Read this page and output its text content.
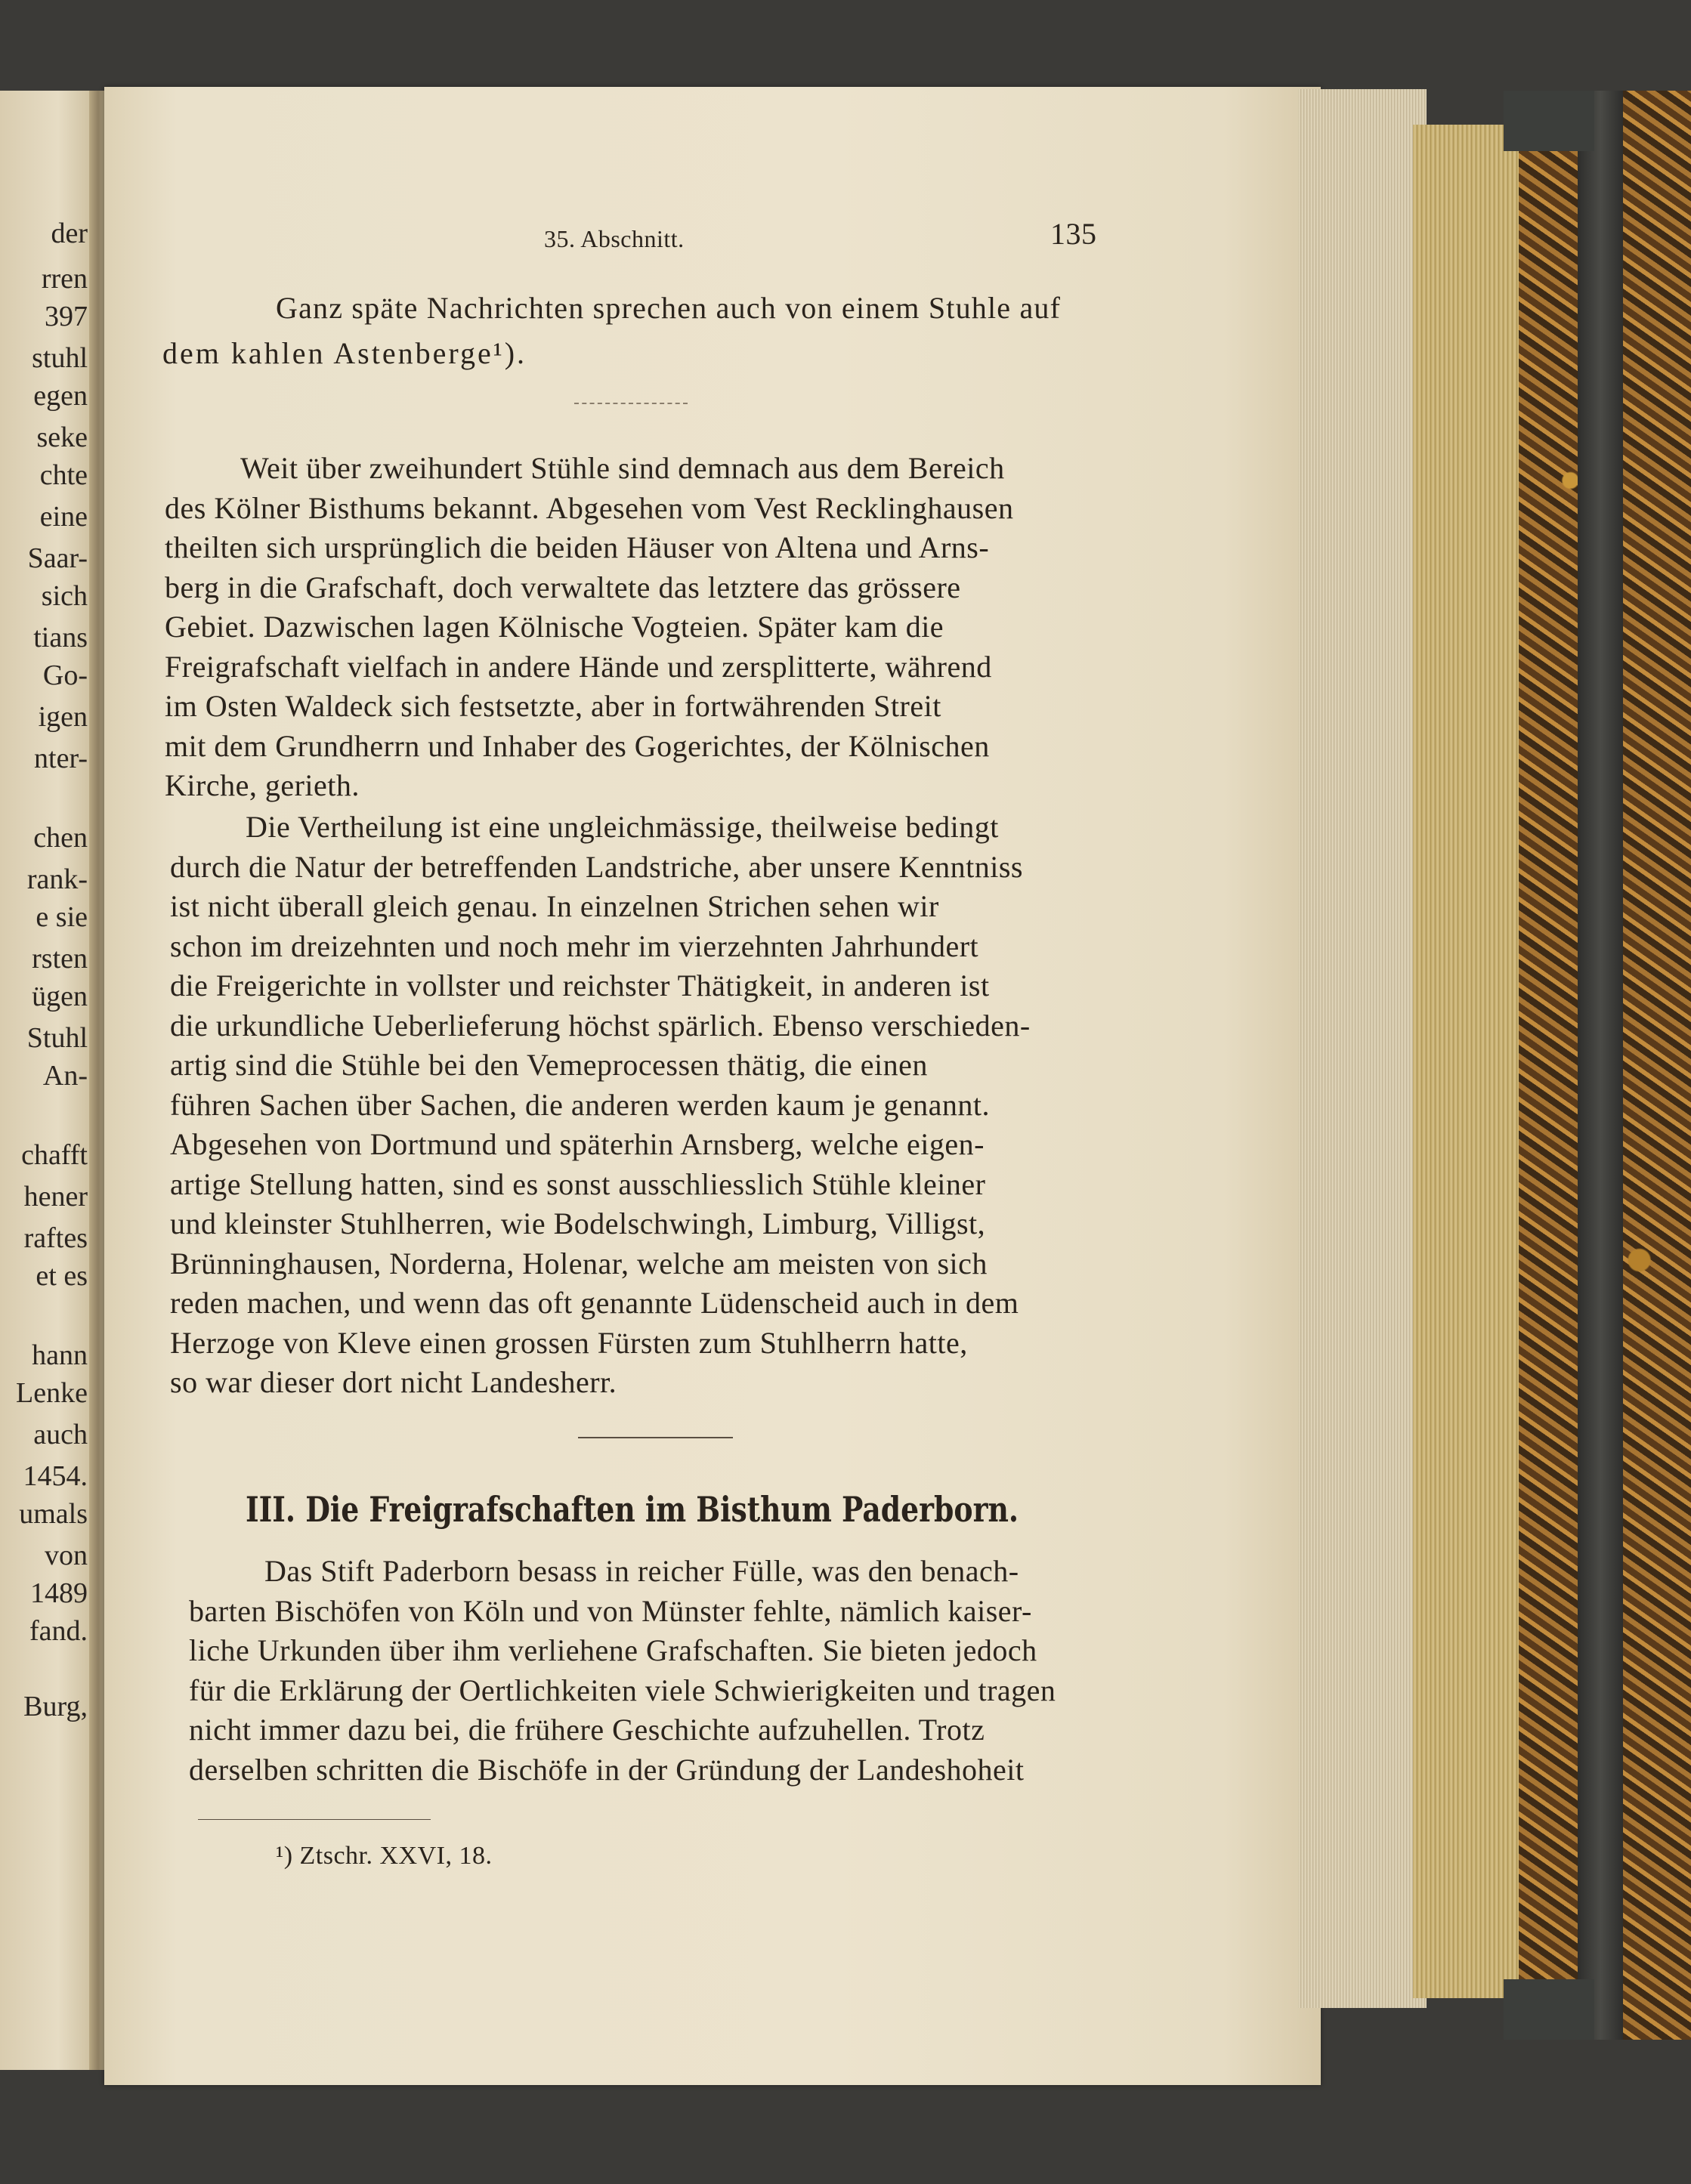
der
rren
397
stuhl
egen
seke
chte
eine
Saar-
sich
tians
Go-
igen
nter-
chen
rank-
e sie
rsten
ügen
Stuhl
An-
chafft
hener
raftes
et es
hann
Lenke
auch
1454.
umals
von
1489
fand.
Burg,
35. Abschnitt.	135
Ganz späte Nachrichten sprechen auch von einem Stuhle auf
dem kahlen Astenberge¹).
Weit über zweihundert Stühle sind demnach aus dem Bereich
des Kölner Bisthums bekannt. Abgesehen vom Vest Recklinghausen
theilten sich ursprünglich die beiden Häuser von Altena und Arns-
berg in die Grafschaft, doch verwaltete das letztere das grössere
Gebiet. Dazwischen lagen Kölnische Vogteien. Später kam die
Freigrafschaft vielfach in andere Hände und zersplitterte, während
im Osten Waldeck sich festsetzte, aber in fortwährenden Streit
mit dem Grundherrn und Inhaber des Gogerichtes, der Kölnischen
Kirche, gerieth.
Die Vertheilung ist eine ungleichmässige, theilweise bedingt
durch die Natur der betreffenden Landstriche, aber unsere Kenntniss
ist nicht überall gleich genau. In einzelnen Strichen sehen wir
schon im dreizehnten und noch mehr im vierzehnten Jahrhundert
die Freigerichte in vollster und reichster Thätigkeit, in anderen ist
die urkundliche Ueberlieferung höchst spärlich. Ebenso verschieden-
artig sind die Stühle bei den Vemeprocessen thätig, die einen
führen Sachen über Sachen, die anderen werden kaum je genannt.
Abgesehen von Dortmund und späterhin Arnsberg, welche eigen-
artige Stellung hatten, sind es sonst ausschliesslich Stühle kleiner
und kleinster Stuhlherren, wie Bodelschwingh, Limburg, Villigst,
Brünninghausen, Norderna, Holenar, welche am meisten von sich
reden machen, und wenn das oft genannte Lüdenscheid auch in dem
Herzoge von Kleve einen grossen Fürsten zum Stuhlherrn hatte,
so war dieser dort nicht Landesherr.
III. Die Freigrafschaften im Bisthum Paderborn.
Das Stift Paderborn besass in reicher Fülle, was den benach-
barten Bischöfen von Köln und von Münster fehlte, nämlich kaiser-
liche Urkunden über ihm verliehene Grafschaften. Sie bieten jedoch
für die Erklärung der Oertlichkeiten viele Schwierigkeiten und tragen
nicht immer dazu bei, die frühere Geschichte aufzuhellen. Trotz
derselben schritten die Bischöfe in der Gründung der Landeshoheit
¹) Ztschr. XXVI, 18.
